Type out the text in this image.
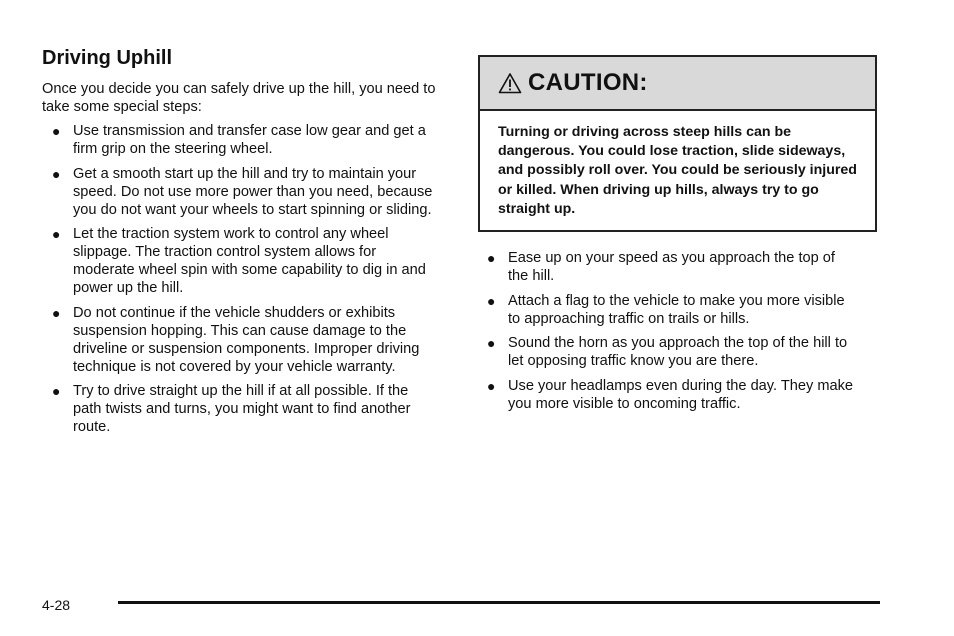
Driving Uphill

Once you decide you can safely drive up the hill, you need to take some special steps:

● Use transmission and transfer case low gear and get a firm grip on the steering wheel.
● Get a smooth start up the hill and try to maintain your speed. Do not use more power than you need, because you do not want your wheels to start spinning or sliding.
● Let the traction system work to control any wheel slippage. The traction control system allows for moderate wheel spin with some capability to dig in and power up the hill.
● Do not continue if the vehicle shudders or exhibits suspension hopping. This can cause damage to the driveline or suspension components. Improper driving technique is not covered by your vehicle warranty.
● Try to drive straight up the hill if at all possible. If the path twists and turns, you might want to find another route.
CAUTION:
Turning or driving across steep hills can be dangerous. You could lose traction, slide sideways, and possibly roll over. You could be seriously injured or killed. When driving up hills, always try to go straight up.
● Ease up on your speed as you approach the top of the hill.
● Attach a flag to the vehicle to make you more visible to approaching traffic on trails or hills.
● Sound the horn as you approach the top of the hill to let opposing traffic know you are there.
● Use your headlamps even during the day. They make you more visible to oncoming traffic.
4-28
